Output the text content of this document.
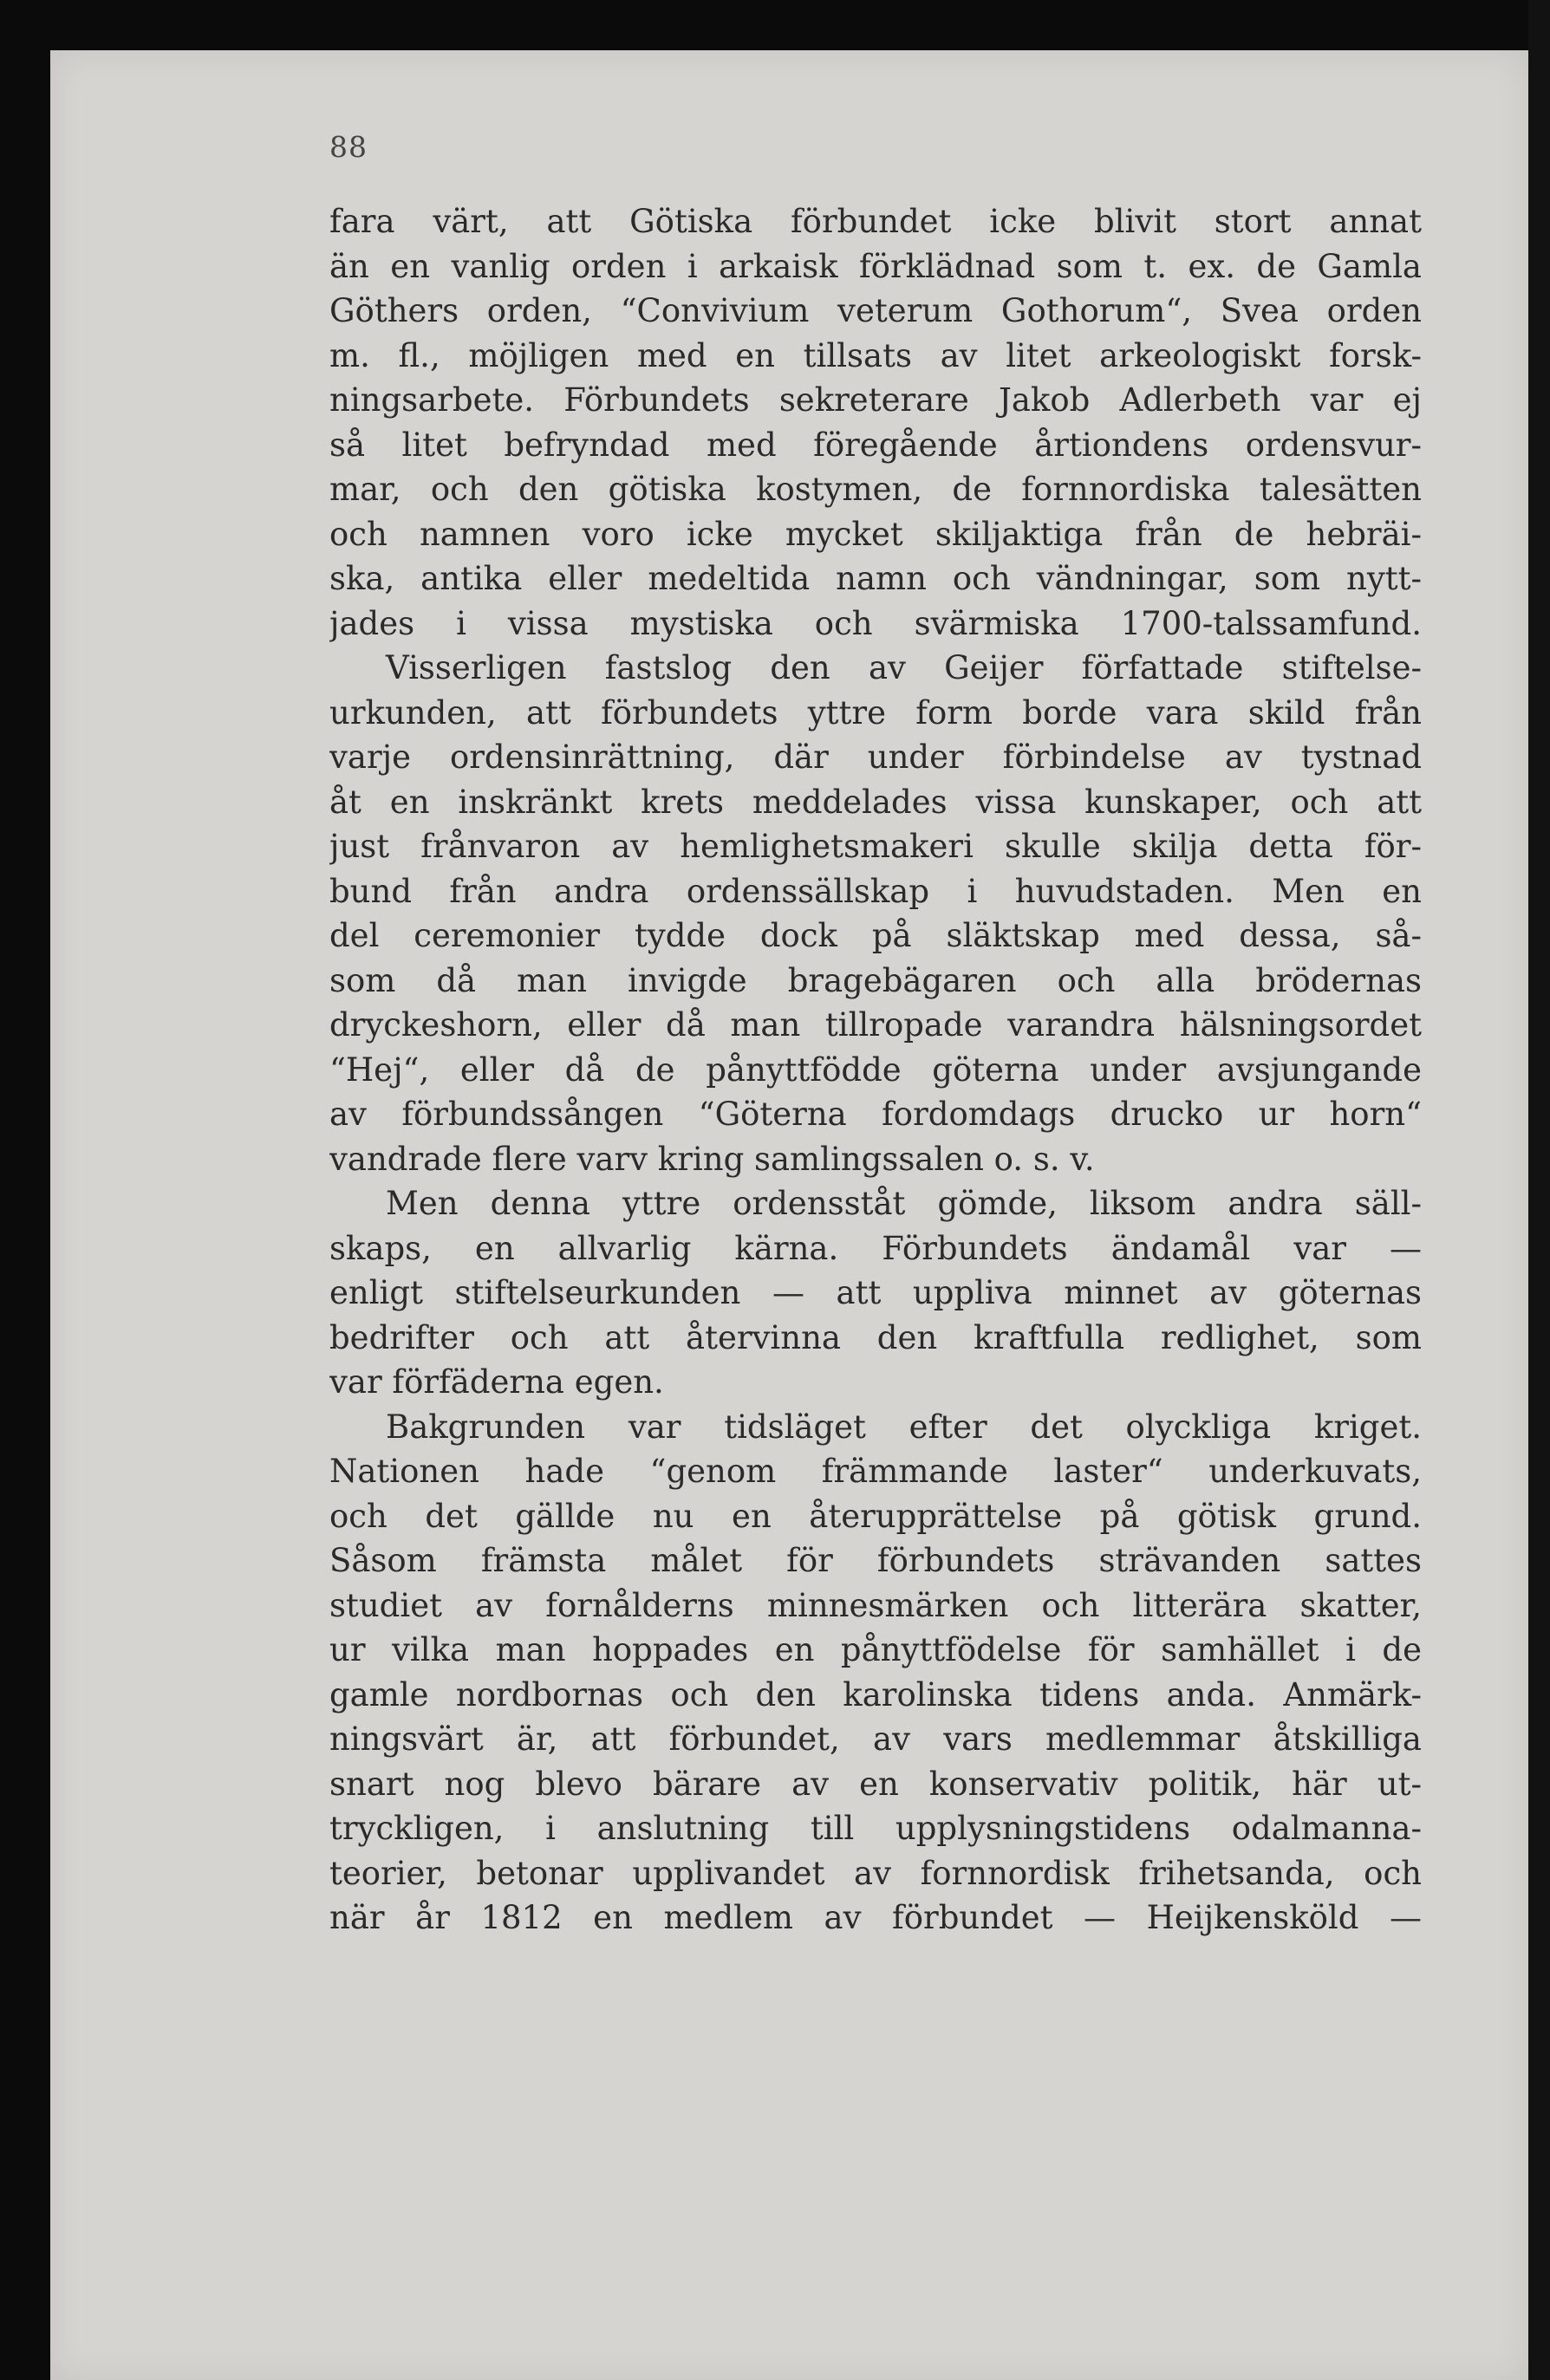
88
fara värt, att Götiska förbundet icke blivit stort annat
än en vanlig orden i arkaisk förklädnad som t. ex. de Gamla
Göthers orden, “Convivium veterum Gothorum“, Svea orden
m. fl., möjligen med en tillsats av litet arkeologiskt forsk-
ningsarbete. Förbundets sekreterare Jakob Adlerbeth var ej
så litet befryndad med föregående årtiondens ordensvur-
mar, och den götiska kostymen, de fornnordiska talesätten
och namnen voro icke mycket skiljaktiga från de hebräi-
ska, antika eller medeltida namn och vändningar, som nytt-
jades i vissa mystiska och svärmiska 1700-talssamfund.
Visserligen fastslog den av Geijer författade stiftelse-
urkunden, att förbundets yttre form borde vara skild från
varje ordensinrättning, där under förbindelse av tystnad
åt en inskränkt krets meddelades vissa kunskaper, och att
just frånvaron av hemlighetsmakeri skulle skilja detta för-
bund från andra ordenssällskap i huvudstaden. Men en
del ceremonier tydde dock på släktskap med dessa, så-
som då man invigde bragebägaren och alla brödernas
dryckeshorn, eller då man tillropade varandra hälsningsordet
“Hej“, eller då de pånyttfödde göterna under avsjungande
av förbundssången “Göterna fordomdags drucko ur horn“
vandrade flere varv kring samlingssalen o. s. v.
Men denna yttre ordensståt gömde, liksom andra säll-
skaps, en allvarlig kärna. Förbundets ändamål var —
enligt stiftelseurkunden — att uppliva minnet av göternas
bedrifter och att återvinna den kraftfulla redlighet, som
var förfäderna egen.
Bakgrunden var tidsläget efter det olyckliga kriget.
Nationen hade “genom främmande laster“ underkuvats,
och det gällde nu en återupprättelse på götisk grund.
Såsom främsta målet för förbundets strävanden sattes
studiet av fornålderns minnesmärken och litterära skatter,
ur vilka man hoppades en pånyttfödelse för samhället i de
gamle nordbornas och den karolinska tidens anda. Anmärk-
ningsvärt är, att förbundet, av vars medlemmar åtskilliga
snart nog blevo bärare av en konservativ politik, här ut-
tryckligen, i anslutning till upplysningstidens odalmanna-
teorier, betonar upplivandet av fornnordisk frihetsanda, och
när år 1812 en medlem av förbundet — Heijkensköld —
